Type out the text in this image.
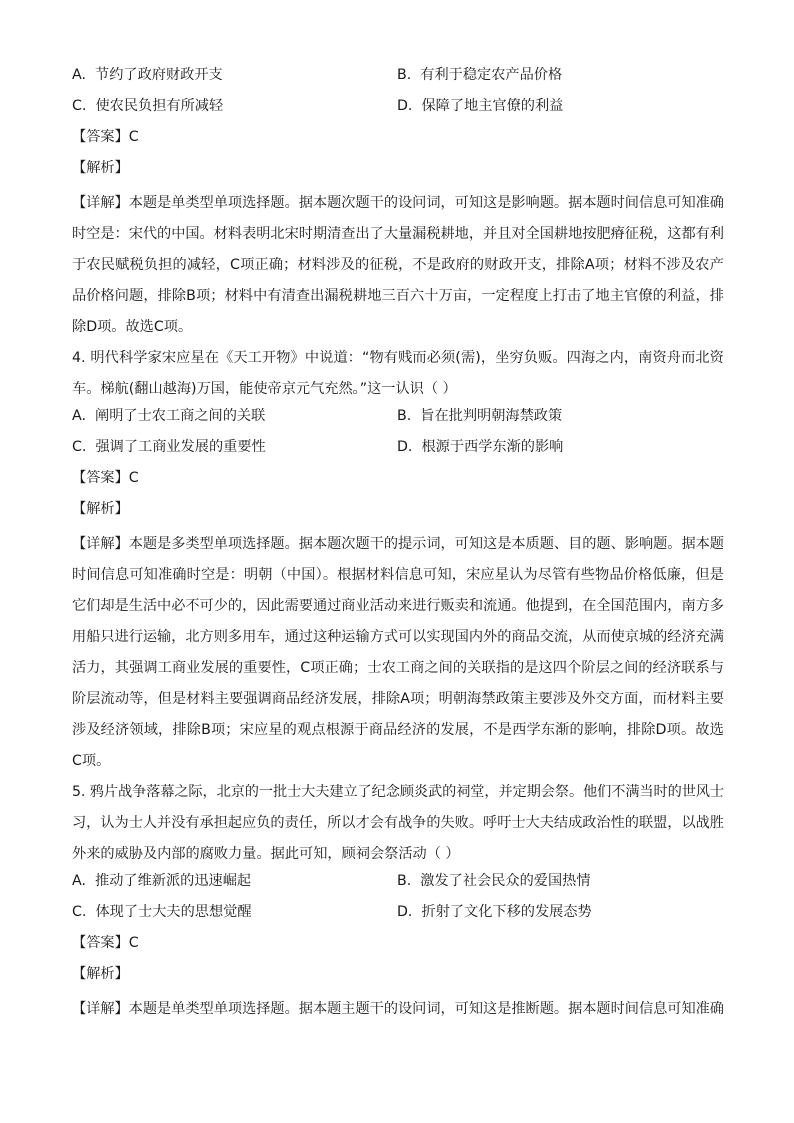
A. 节约了政府财政开支	B. 有利于稳定农产品价格
C. 使农民负担有所减轻	D. 保障了地主官僚的利益
【答案】C
【解析】

【详解】本题是单类型单项选择题。据本题次题干的设问词，可知这是影响题。据本题时间信息可知准确
时空是：宋代的中国。材料表明北宋时期清查出了大量漏税耕地，并且对全国耕地按肥瘠征税，这都有利
于农民赋税负担的减轻，C项正确；材料涉及的征税，不是政府的财政开支，排除A项；材料不涉及农产
品价格问题，排除B项；材料中有清查出漏税耕地三百六十万亩，一定程度上打击了地主官僚的利益，排
除D项。故选C项。

4. 明代科学家宋应星在《天工开物》中说道：“物有贱而必须(需)，坐穷负贩。四海之内，南资舟而北资
车。梯航(翻山越海)万国，能使帝京元气充然。”这一认识（ ）

A. 阐明了士农工商之间的关联	B. 旨在批判明朝海禁政策
C. 强调了工商业发展的重要性	D. 根源于西学东渐的影响
【答案】C
【解析】

【详解】本题是多类型单项选择题。据本题次题干的提示词，可知这是本质题、目的题、影响题。据本题
时间信息可知准确时空是：明朝（中国）。根据材料信息可知，宋应星认为尽管有些物品价格低廉，但是
它们却是生活中必不可少的，因此需要通过商业活动来进行贩卖和流通。他提到，在全国范围内，南方多
用船只进行运输，北方则多用车，通过这种运输方式可以实现国内外的商品交流，从而使京城的经济充满
活力，其强调工商业发展的重要性，C项正确；士农工商之间的关联指的是这四个阶层之间的经济联系与
阶层流动等，但是材料主要强调商品经济发展，排除A项；明朝海禁政策主要涉及外交方面，而材料主要
涉及经济领域，排除B项；宋应星的观点根源于商品经济的发展，不是西学东渐的影响，排除D项。故选
C项。

5. 鸦片战争落幕之际，北京的一批士大夫建立了纪念顾炎武的祠堂，并定期会祭。他们不满当时的世风士
习，认为士人并没有承担起应负的责任，所以才会有战争的失败。呼吁士大夫结成政治性的联盟，以战胜
外来的威胁及内部的腐败力量。据此可知，顾祠会祭活动（ ）

A. 推动了维新派的迅速崛起	B. 激发了社会民众的爱国热情
C. 体现了士大夫的思想觉醒	D. 折射了文化下移的发展态势
【答案】C
【解析】

【详解】本题是单类型单项选择题。据本题主题干的设问词，可知这是推断题。据本题时间信息可知准确
